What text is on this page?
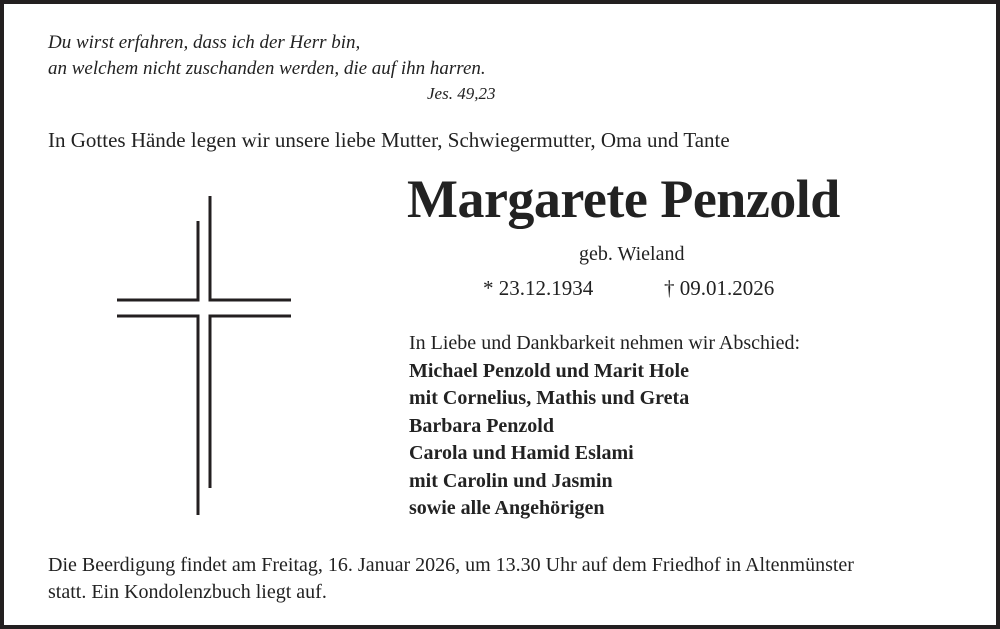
Du wirst erfahren, dass ich der Herr bin,
an welchem nicht zuschanden werden, die auf ihn harren.
Jes. 49,23
In Gottes Hände legen wir unsere liebe Mutter, Schwiegermutter, Oma und Tante
Margarete Penzold
geb. Wieland
* 23.12.1934	† 09.01.2026
In Liebe und Dankbarkeit nehmen wir Abschied:
Michael Penzold und Marit Hole
mit Cornelius, Mathis und Greta
Barbara Penzold
Carola und Hamid Eslami
mit Carolin und Jasmin
sowie alle Angehörigen
Die Beerdigung findet am Freitag, 16. Januar 2026, um 13.30 Uhr auf dem Friedhof in Altenmünster
statt. Ein Kondolenzbuch liegt auf.
